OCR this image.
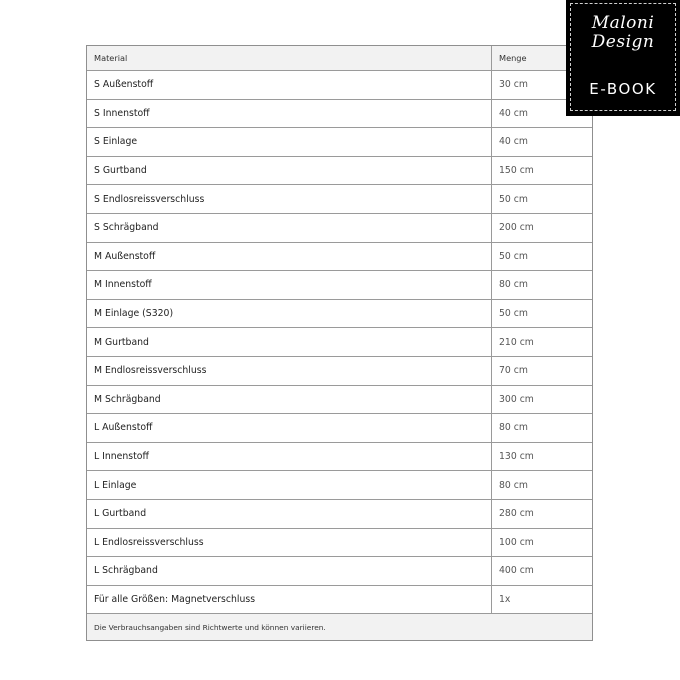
Material	Menge
S Außenstoff	30 cm
S Innenstoff	40 cm
S Einlage	40 cm
S Gurtband	150 cm
S Endlosreissverschluss	50 cm
S Schrägband	200 cm
M Außenstoff	50 cm
M Innenstoff	80 cm
M Einlage (S320)	50 cm
M Gurtband	210 cm
M Endlosreissverschluss	70 cm
M Schrägband	300 cm
L Außenstoff	80 cm
L Innenstoff	130 cm
L Einlage	80 cm
L Gurtband	280 cm
L Endlosreissverschluss	100 cm
L Schrägband	400 cm
Für alle Größen: Magnetverschluss	1x
Die Verbrauchsangaben sind Richtwerte und können variieren.
Maloni
Design
E-BOOK
